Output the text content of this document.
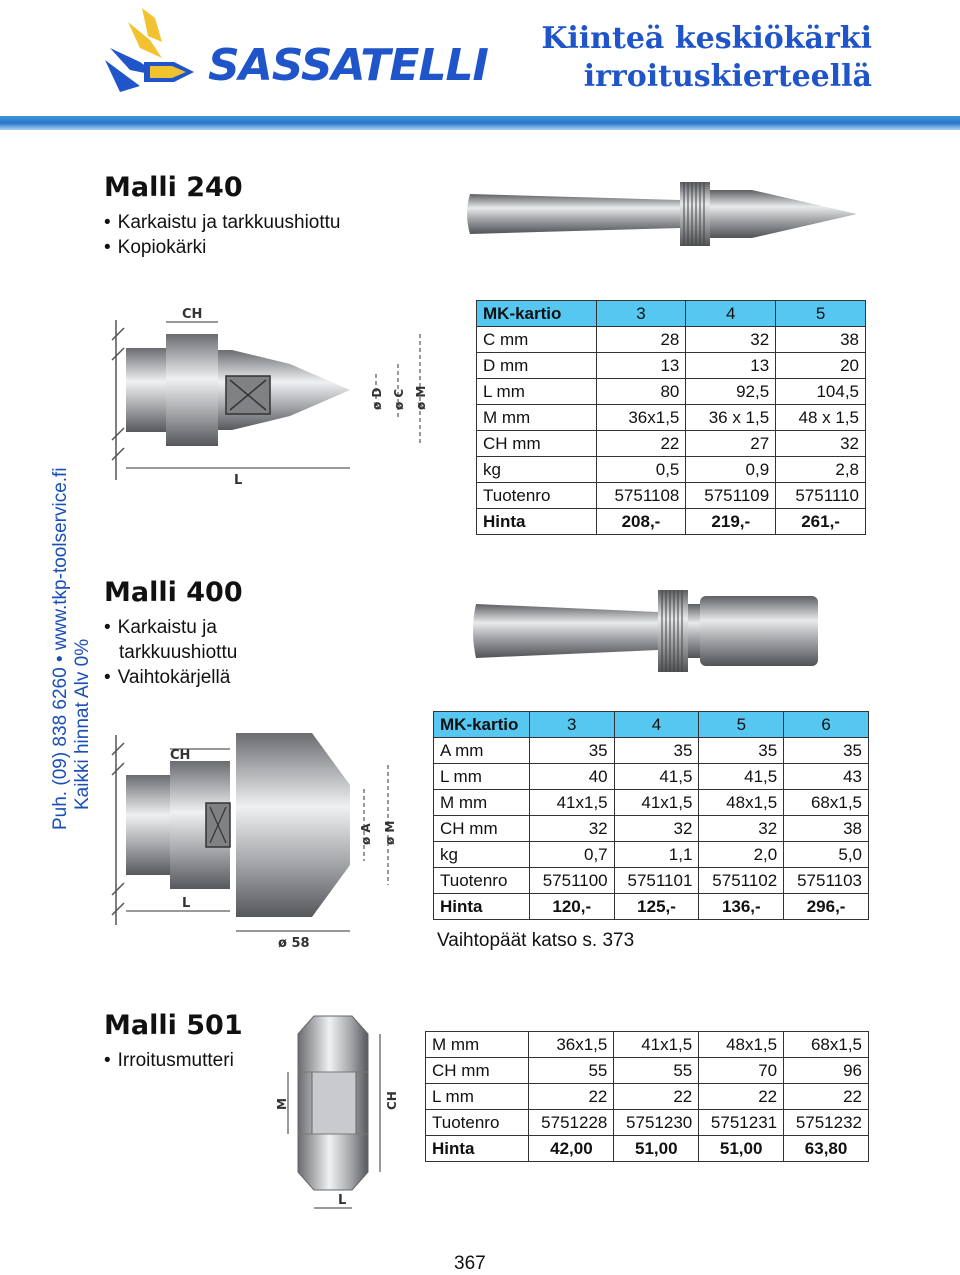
SASSATELLI
Kiinteä keskiökärki
irroituskierteellä
Puh. (09) 838 6260 • www.tkp-toolservice.fi Kaikki hinnat Alv 0%
Malli 240
• Karkaistu ja tarkkuushiottu
• Kopiokärki
CH
L
ø D ø C ø M
MK-kartio	3	4	5
C mm	28	32	38
D mm	13	13	20
L mm	80	92,5	104,5
M mm	36x1,5	36 x 1,5	48 x 1,5
CH mm	22	27	32
kg	0,5	0,9	2,8
Tuotenro	5751108	5751109	5751110
Hinta	208,-	219,-	261,-
Malli 400
• Karkaistu ja
tarkkuushiottu
• Vaihtokärjellä
CH
L
ø 58
ø A ø M
MK-kartio	3	4	5	6
A mm	35	35	35	35
L mm	40	41,5	41,5	43
M mm	41x1,5	41x1,5	48x1,5	68x1,5
CH mm	32	32	32	38
kg	0,7	1,1	2,0	5,0
Tuotenro	5751100	5751101	5751102	5751103
Hinta	120,-	125,-	136,-	296,-
Vaihtopäät katso s. 373
Malli 501
• Irroitusmutteri
M	CH
L
M mm	36x1,5	41x1,5	48x1,5	68x1,5
CH mm	55	55	70	96
L mm	22	22	22	22
Tuotenro	5751228	5751230	5751231	5751232
Hinta	42,00	51,00	51,00	63,80
367
